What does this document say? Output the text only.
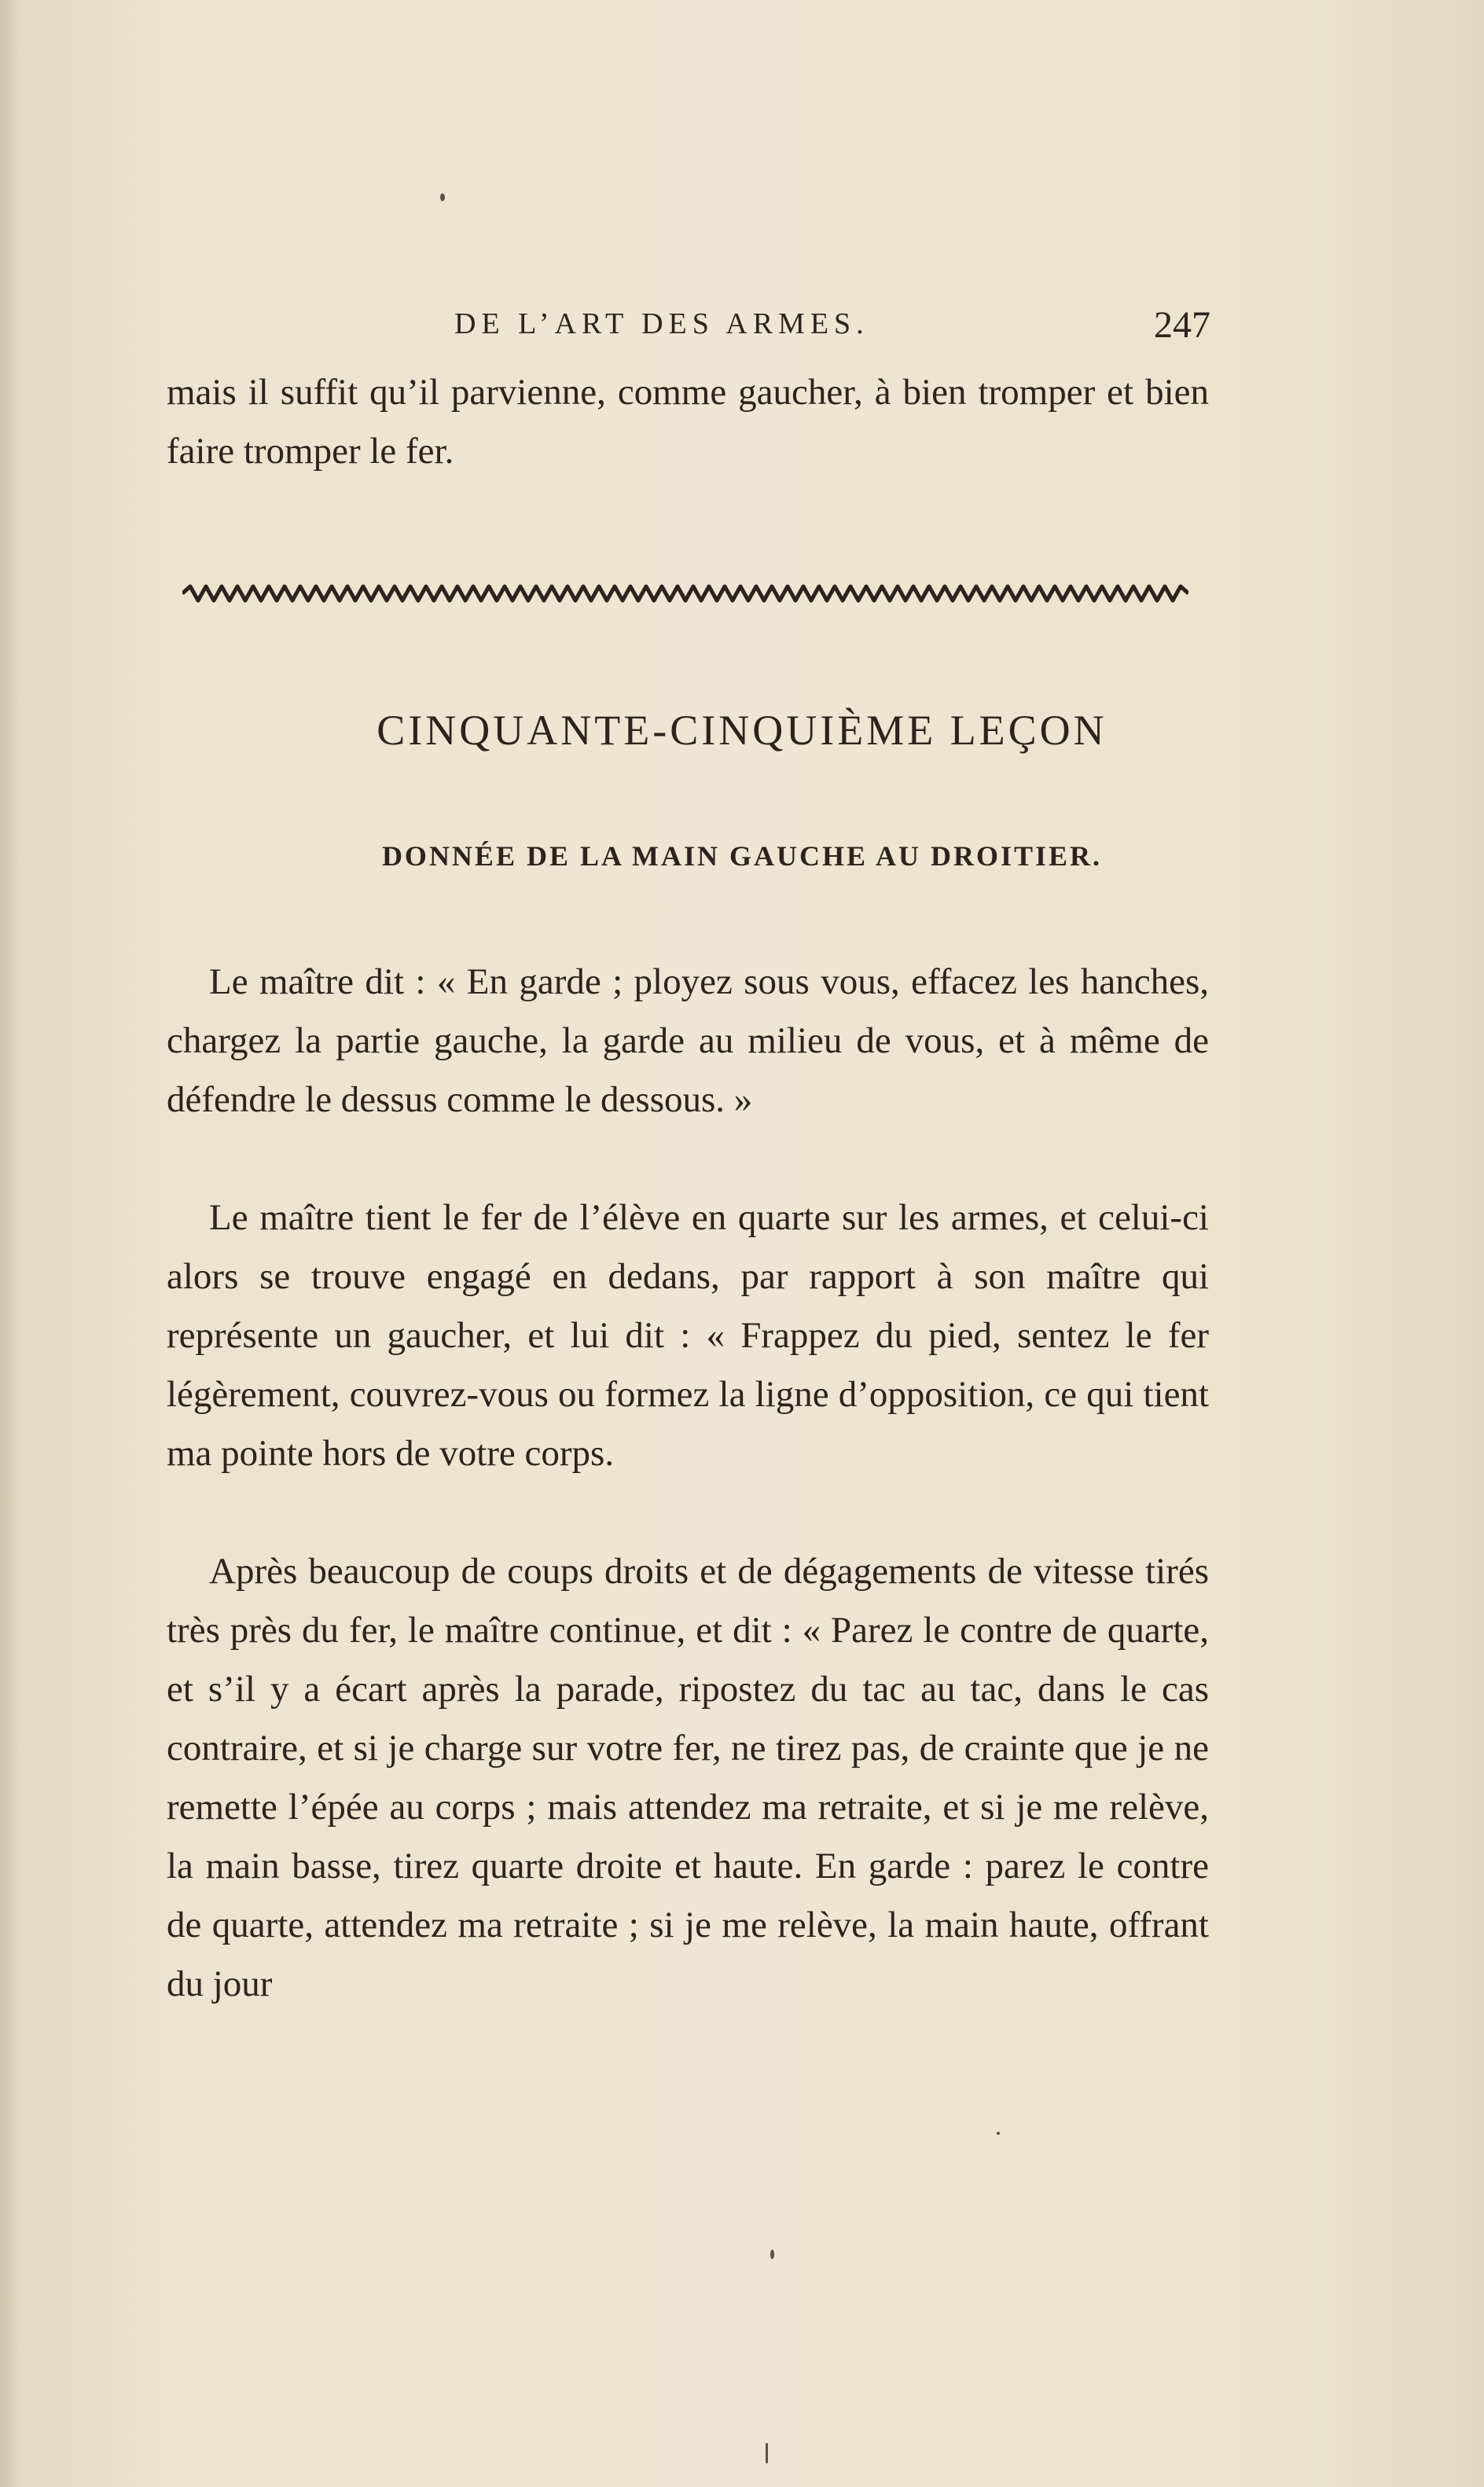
DE L’ART DES ARMES.	247

mais il suffit qu’il parvienne, comme gaucher, à bien tromper et bien faire tromper le fer.

CINQUANTE-CINQUIÈME LEÇON
DONNÉE DE LA MAIN GAUCHE AU DROITIER.

Le maître dit : « En garde ; ployez sous vous, effacez les hanches, chargez la partie gauche, la garde au milieu de vous, et à même de défendre le dessus comme le dessous. »

Le maître tient le fer de l’élève en quarte sur les armes, et celui-ci alors se trouve engagé en dedans, par rapport à son maître qui représente un gaucher, et lui dit : « Frappez du pied, sentez le fer légèrement, couvrez-vous ou formez la ligne d’opposition, ce qui tient ma pointe hors de votre corps.

Après beaucoup de coups droits et de dégagements de vitesse tirés très près du fer, le maître continue, et dit : « Parez le contre de quarte, et s’il y a écart après la parade, ripostez du tac au tac, dans le cas contraire, et si je charge sur votre fer, ne tirez pas, de crainte que je ne remette l’épée au corps ; mais attendez ma retraite, et si je me relève, la main basse, tirez quarte droite et haute. En garde : parez le contre de quarte, attendez ma retraite ; si je me relève, la main haute, offrant du jour
